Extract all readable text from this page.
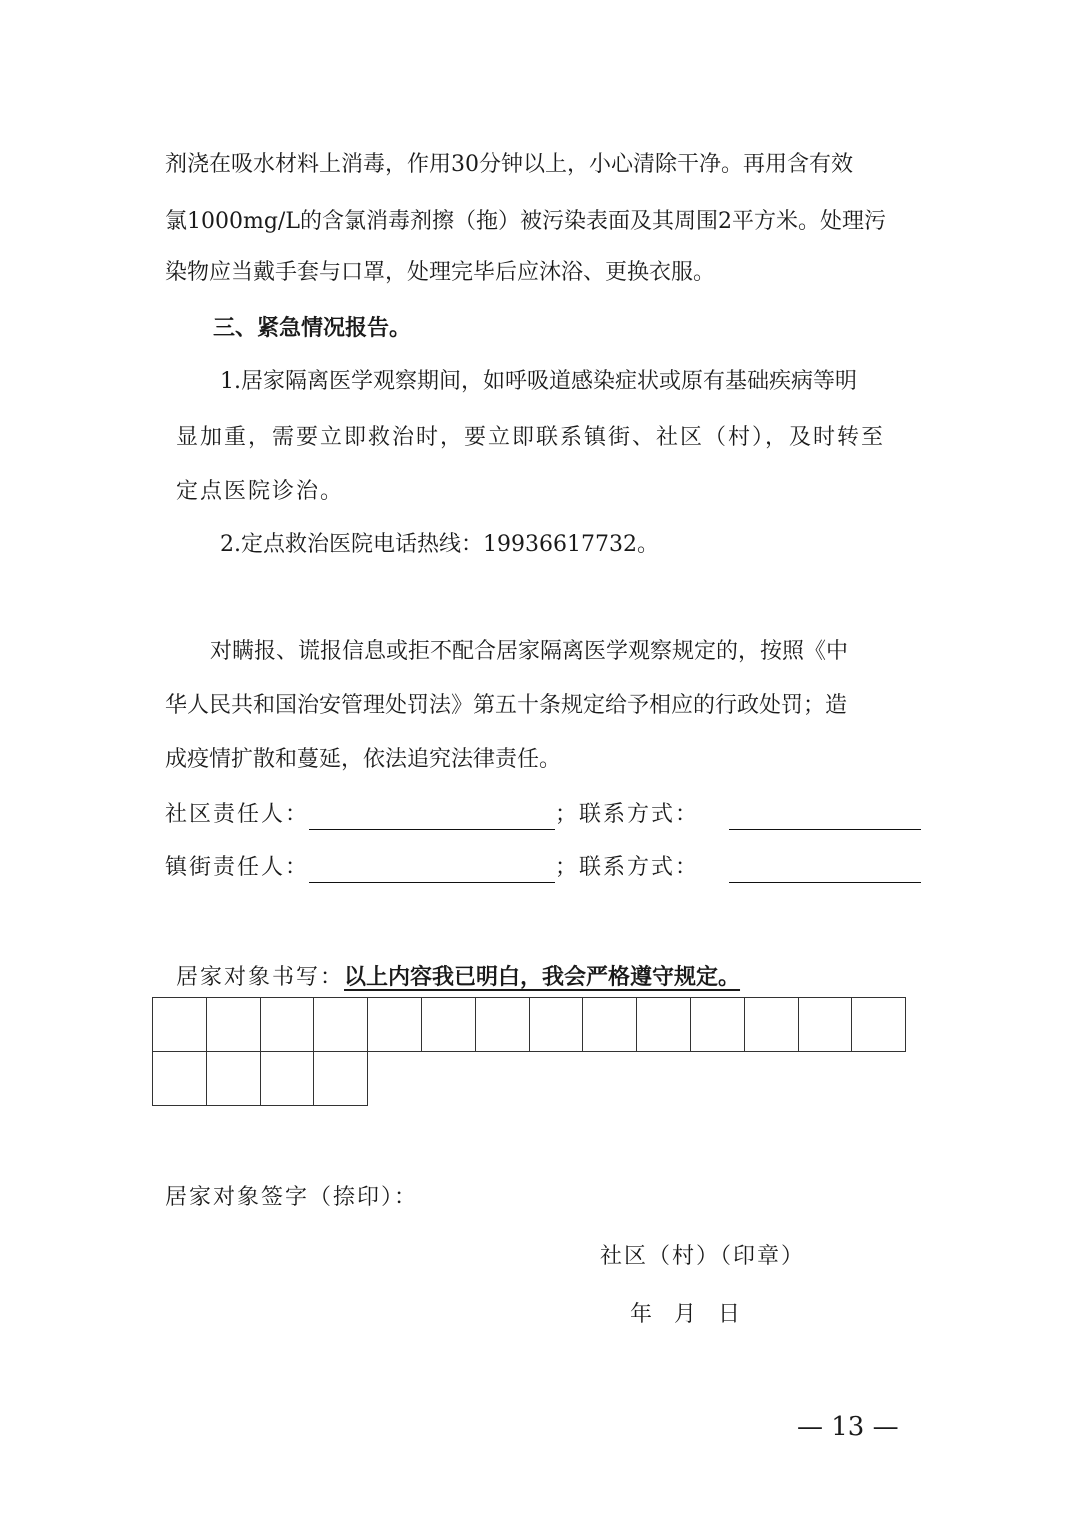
剂浇在吸水材料上消毒，作用30分钟以上，小心清除干净。再用含有效
氯1000mg/L的含氯消毒剂擦（拖）被污染表面及其周围2平方米。处理污
染物应当戴手套与口罩，处理完毕后应沐浴、更换衣服。
三、紧急情况报告。
1.居家隔离医学观察期间，如呼吸道感染症状或原有基础疾病等明
显加重，需要立即救治时，要立即联系镇街、社区（村），及时转至
定点医院诊治。
2.定点救治医院电话热线：19936617732。
对瞒报、谎报信息或拒不配合居家隔离医学观察规定的，按照《中
华人民共和国治安管理处罚法》第五十条规定给予相应的行政处罚；造
成疫情扩散和蔓延，依法追究法律责任。
社区责任人：	；联系方式：
镇街责任人：	；联系方式：
居家对象书写：以上内容我已明白，我会严格遵守规定。

居家对象签字（捺印）：
社区（村）（印章）
年　月　日
— 13 —
